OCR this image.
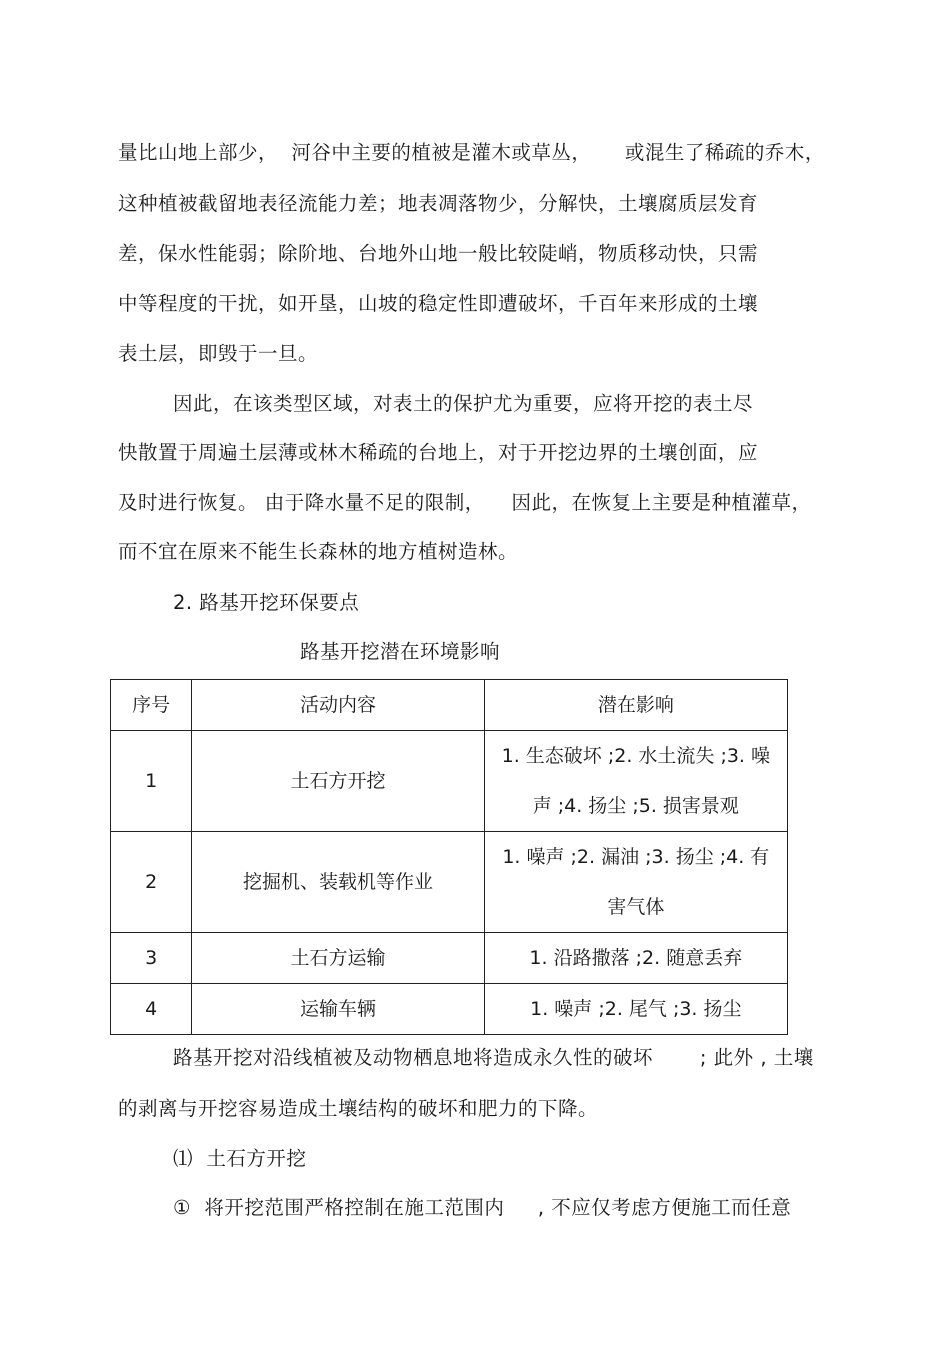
量比山地上部少，  河谷中主要的植被是灌木或草丛，     或混生了稀疏的乔木，
这种植被截留地表径流能力差；地表凋落物少，分解快，土壤腐质层发育
差，保水性能弱；除阶地、台地外山地一般比较陡峭，物质移动快，只需
中等程度的干扰，如开垦，山坡的稳定性即遭破坏，千百年来形成的土壤
表土层，即毁于一旦。
因此，在该类型区域，对表土的保护尤为重要，应将开挖的表土尽
快散置于周遍土层薄或林木稀疏的台地上，对于开挖边界的土壤创面，应
及时进行恢复。 由于降水量不足的限制，    因此，在恢复上主要是种植灌草，
而不宜在原来不能生长森林的地方植树造林。
2. 路基开挖环保要点
路基开挖潜在环境影响
序号	活动内容	潜在影响
1	土石方开挖	1. 生态破坏 ;2. 水土流失 ;3. 噪声 ;4. 扬尘 ;5. 损害景观
2	挖掘机、装载机等作业	1. 噪声 ;2. 漏油 ;3. 扬尘 ;4. 有害气体
3	土石方运输	1. 沿路撒落 ;2. 随意丢弃
4	运输车辆	1. 噪声 ;2. 尾气 ;3. 扬尘
路基开挖对沿线植被及动物栖息地将造成永久性的破坏       ; 此外 , 土壤
的剥离与开挖容易造成土壤结构的破坏和肥力的下降。
⑴  土石方开挖
①  将开挖范围严格控制在施工范围内     , 不应仅考虑方便施工而任意
